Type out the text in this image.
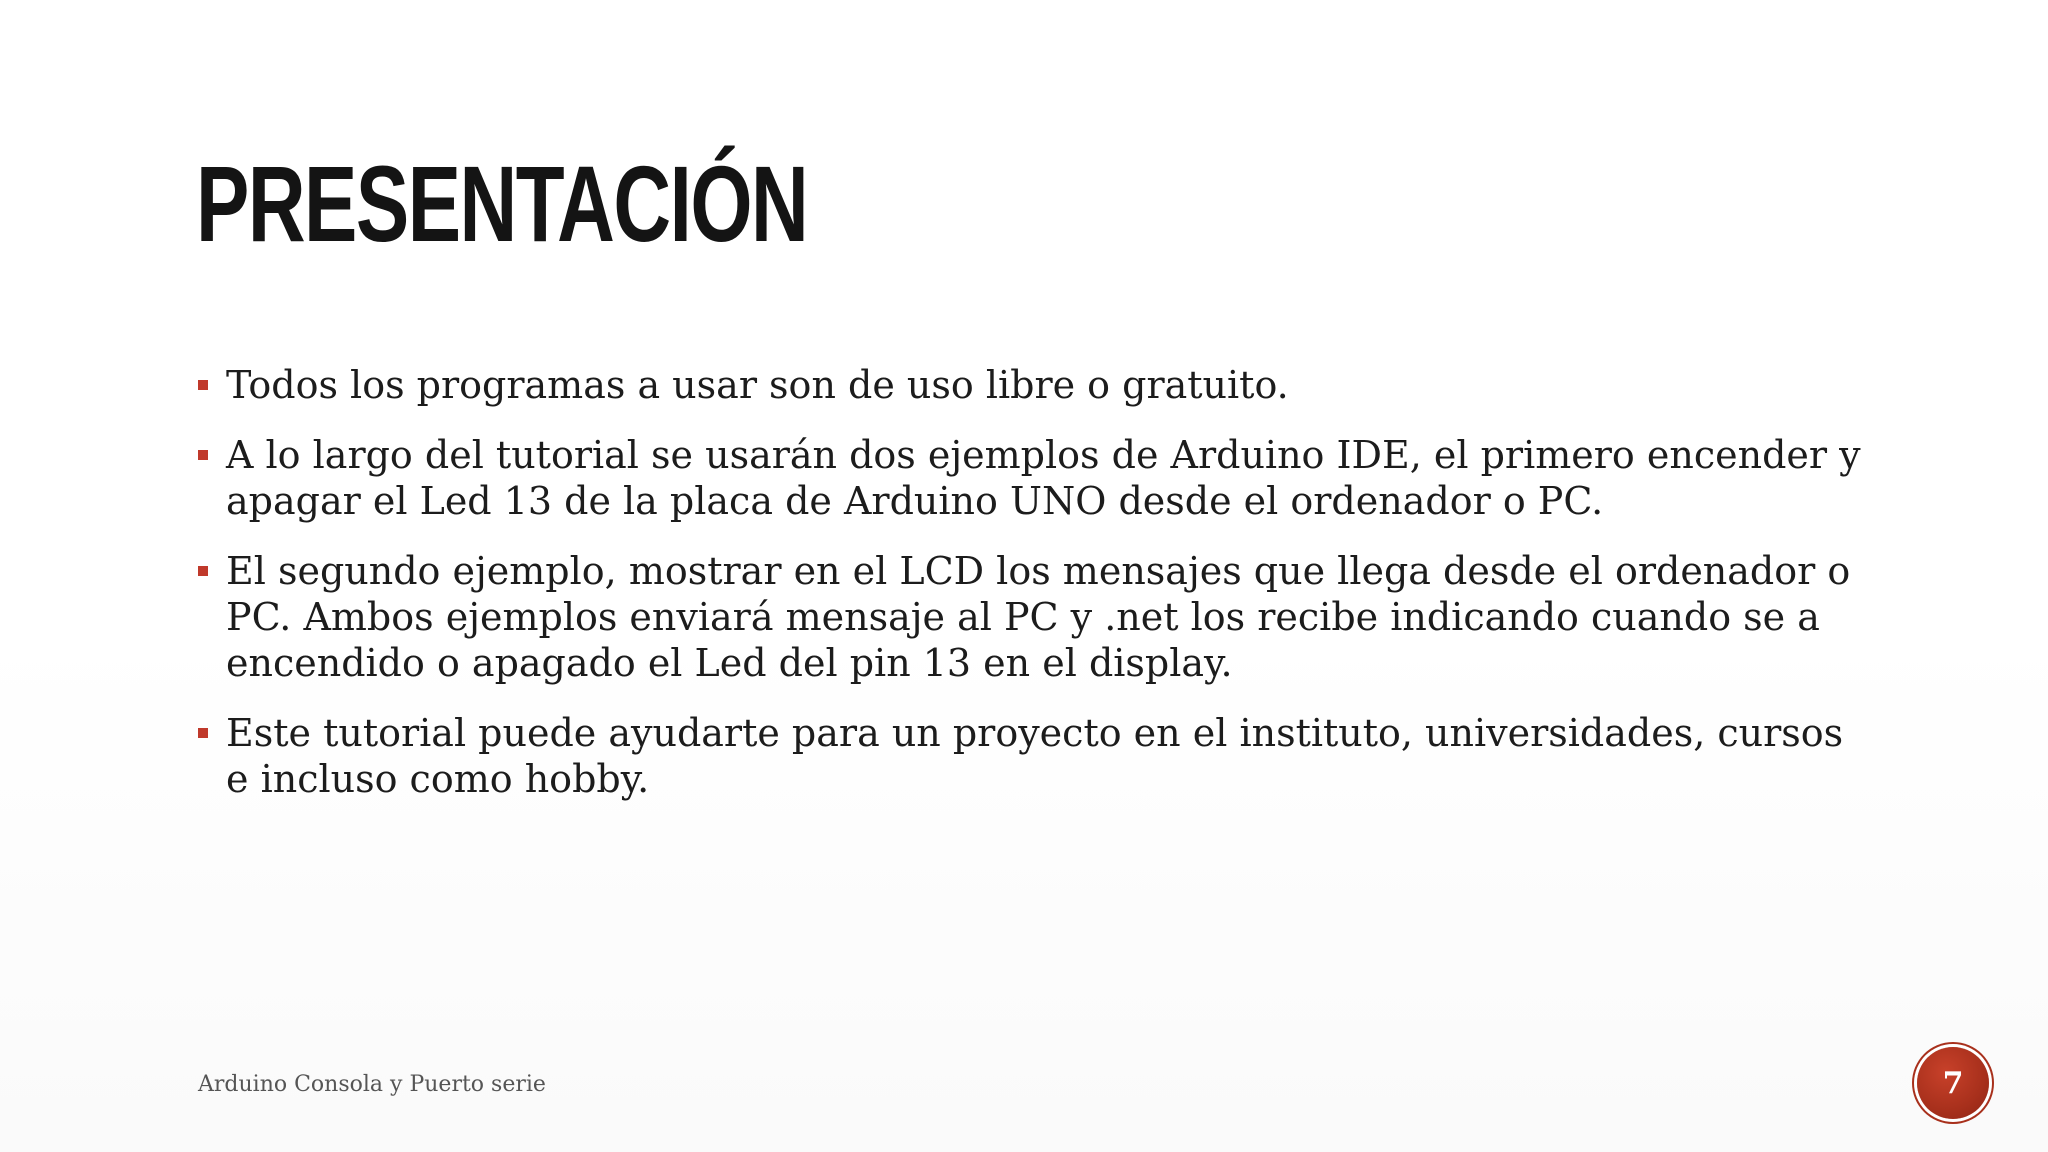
PRESENTACIÓN
Todos los programas a usar son de uso libre o gratuito.
A lo largo del tutorial se usarán dos ejemplos de Arduino IDE, el primero encender y apagar el Led 13 de la placa de Arduino UNO desde el ordenador o PC.
El segundo ejemplo, mostrar en el LCD los mensajes que llega desde el ordenador o PC. Ambos ejemplos enviará mensaje al PC y .net los recibe indicando cuando se a encendido o apagado el Led del pin 13 en el display.
Este tutorial puede ayudarte para un proyecto en el instituto, universidades, cursos e incluso como hobby.
Arduino Consola y Puerto serie	7
